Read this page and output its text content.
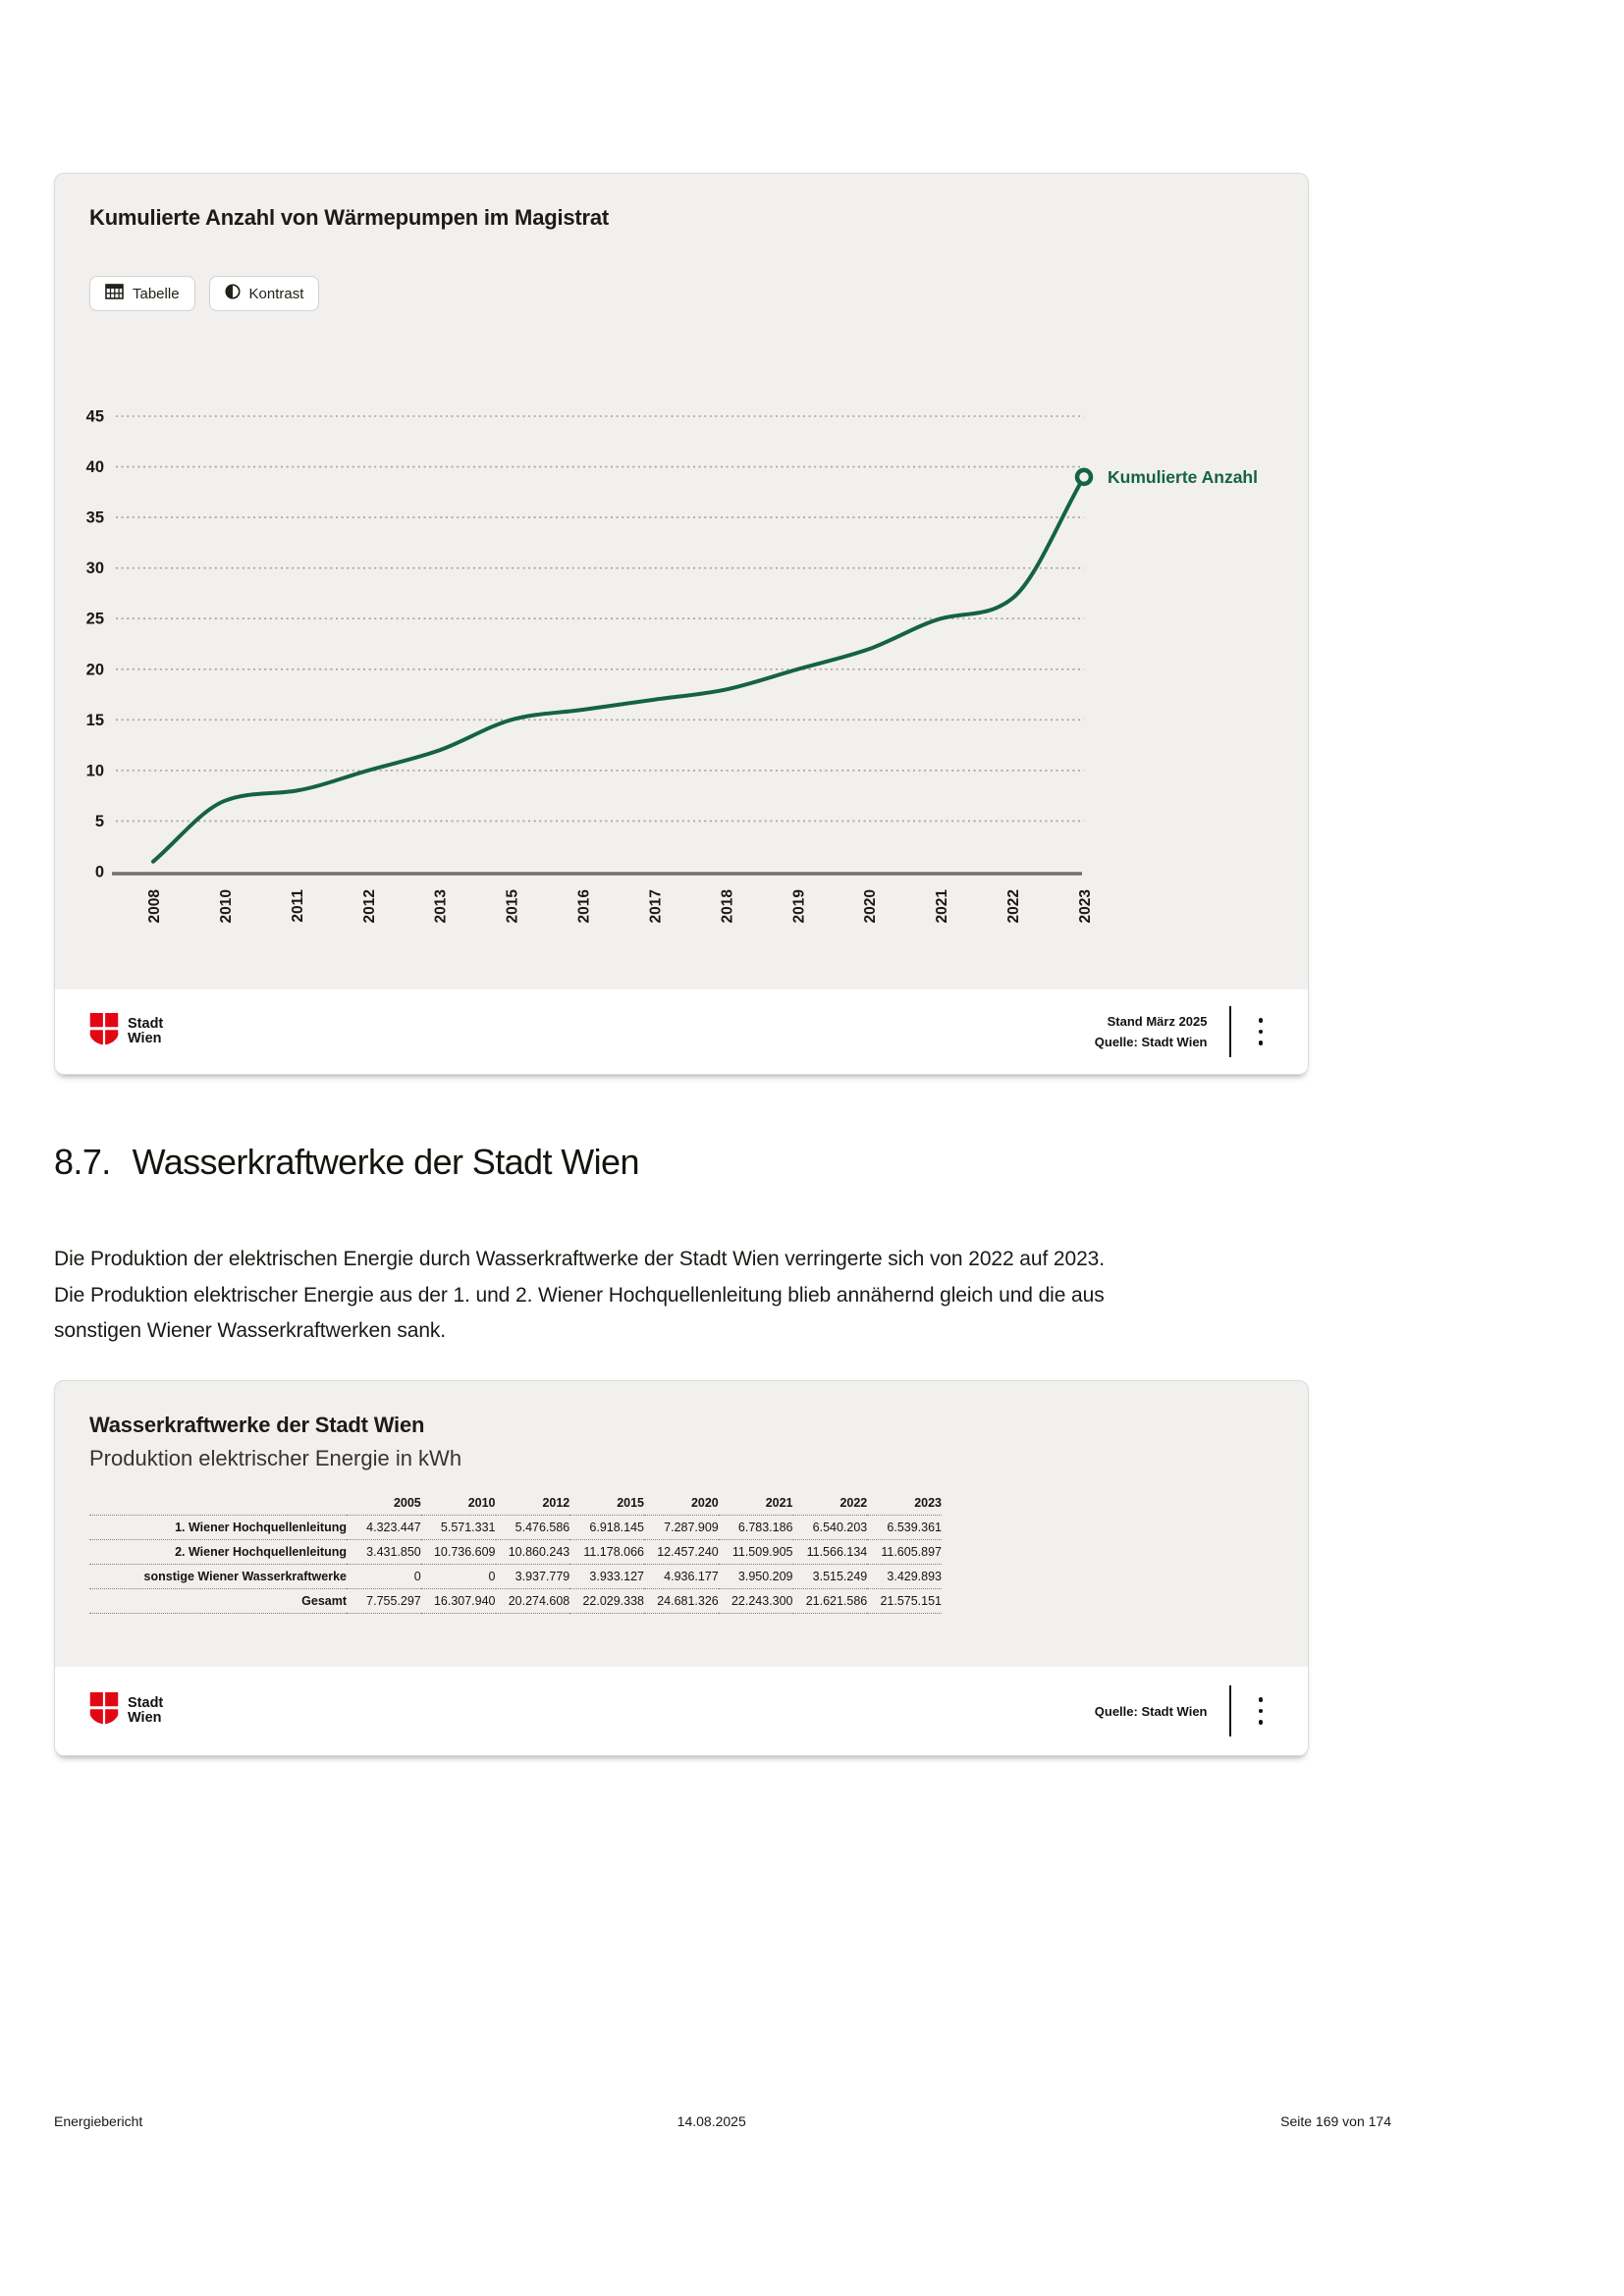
Kumulierte Anzahl von Wärmepumpen im Magistrat
Tabelle	Kontrast
0
5
10
15
20
25
30
35
40
45
2008	2010	2011	2012	2013	2015	2016	2017	2018	2019	2020	2021	2022	2023
Kumulierte Anzahl
Stadt
Wien
Stand März 2025
Quelle: Stadt Wien
8.7. Wasserkraftwerke der Stadt Wien

Die Produktion der elektrischen Energie durch Wasserkraftwerke der Stadt Wien verringerte sich von 2022 auf 2023. Die Produktion elektrischer Energie aus der 1. und 2. Wiener Hochquellenleitung blieb annähernd gleich und die aus sonstigen Wiener Wasserkraftwerken sank.

Wasserkraftwerke der Stadt Wien
Produktion elektrischer Energie in kWh
	2005	2010	2012	2015	2020	2021	2022	2023
1. Wiener Hochquellenleitung	4.323.447	5.571.331	5.476.586	6.918.145	7.287.909	6.783.186	6.540.203	6.539.361
2. Wiener Hochquellenleitung	3.431.850	10.736.609	10.860.243	11.178.066	12.457.240	11.509.905	11.566.134	11.605.897
sonstige Wiener Wasserkraftwerke	0	0	3.937.779	3.933.127	4.936.177	3.950.209	3.515.249	3.429.893
Gesamt	7.755.297	16.307.940	20.274.608	22.029.338	24.681.326	22.243.300	21.621.586	21.575.151
Stadt
Wien	Quelle: Stadt Wien
Energiebericht	14.08.2025	Seite 169 von 174
